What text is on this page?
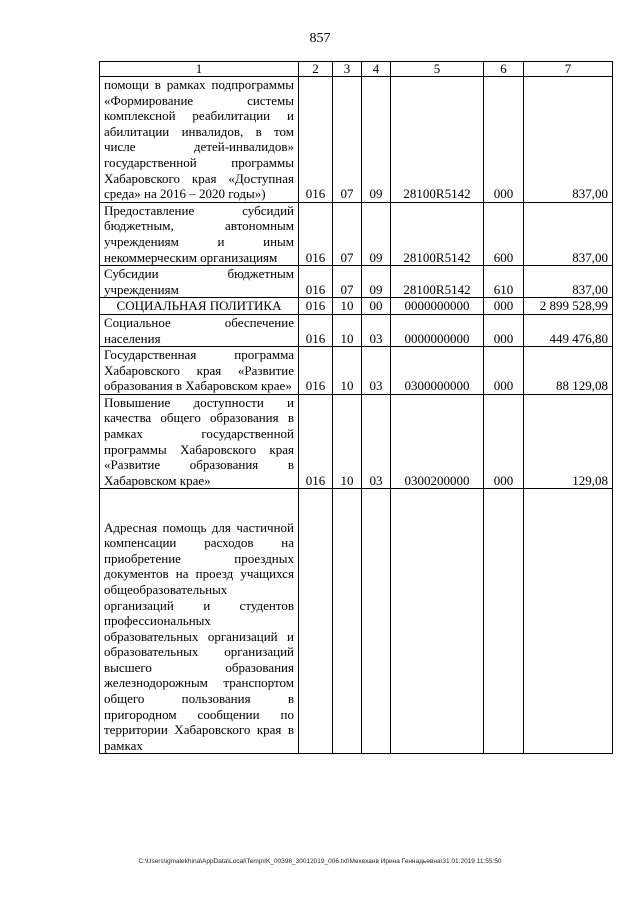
857
1	2	3	4	5	6	7
помощи в рамках подпрограммы «Формирование системы комплексной реабилитации и абилитации инвалидов, в том числе детей-инвалидов» государственной программы Хабаровского края «Доступная среда» на 2016 – 2020 годы»)	016	07	09	28100R5142	000	837,00
Предоставление субсидий бюджетным, автономным учреждениям и иным некоммерческим организациям	016	07	09	28100R5142	600	837,00
Субсидии бюджетным учреждениям	016	07	09	28100R5142	610	837,00
СОЦИАЛЬНАЯ ПОЛИТИКА	016	10	00	0000000000	000	2 899 528,99
Социальное обеспечение населения	016	10	03	0000000000	000	449 476,80
Государственная программа Хабаровского края «Развитие образования в Хабаровском крае»	016	10	03	0300000000	000	88 129,08
Повышение доступности и качества общего образования в рамках государственной программы Хабаровского края «Развитие образования в Хабаровском крае»	016	10	03	0300200000	000	129,08
Адресная помощь для частичной компенсации расходов на приобретение проездных документов на проезд учащихся общеобразовательных организаций и студентов профессиональных образовательных организаций и образовательных организаций высшего образования железнодорожным транспортом общего пользования в пригородном сообщении по территории Хабаровского края в рамках						
C:\Users\igmalekhina\AppData\Local\Temp\IK_00398_30012019_006.txt\Мехеханв Ирина Геннадьевна\31.01.2019 11:55:50
